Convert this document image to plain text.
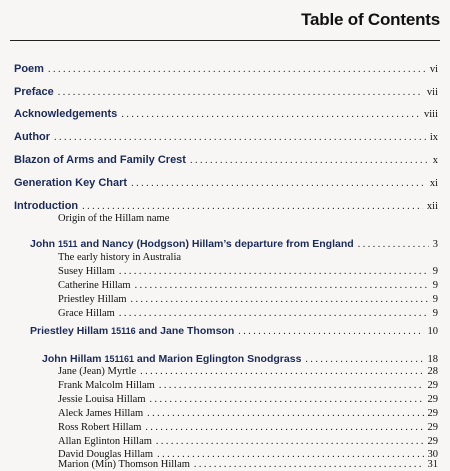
Table of Contents
Poem . . .	vi
Preface . . .	vii
Acknowledgements . . .	viii
Author . . .	ix
Blazon of Arms and Family Crest . . .	x
Generation Key Chart . . .	xi
Introduction . . .	xii
Origin of the Hillam name
John 1511 and Nancy (Hodgson) Hillam’s departure from England . . .	3
The early history in Australia
Susey Hillam . . .	9
Catherine Hillam . . .	9
Priestley Hillam . . .	9
Grace Hillam . . .	9
Priestley Hillam 15116 and Jane Thomson . . .	10
John Hillam 151161 and Marion Eglington Snodgrass . . .	18
Jane (Jean) Myrtle . . .	28
Frank Malcolm Hillam . . .	29
Jessie Louisa Hillam . . .	29
Aleck James Hillam . . .	29
Ross Robert Hillam . . .	29
Allan Eglinton Hillam . . .	29
David Douglas Hillam . . .	30
Marion (Min) Thomson Hillam . . .	31
